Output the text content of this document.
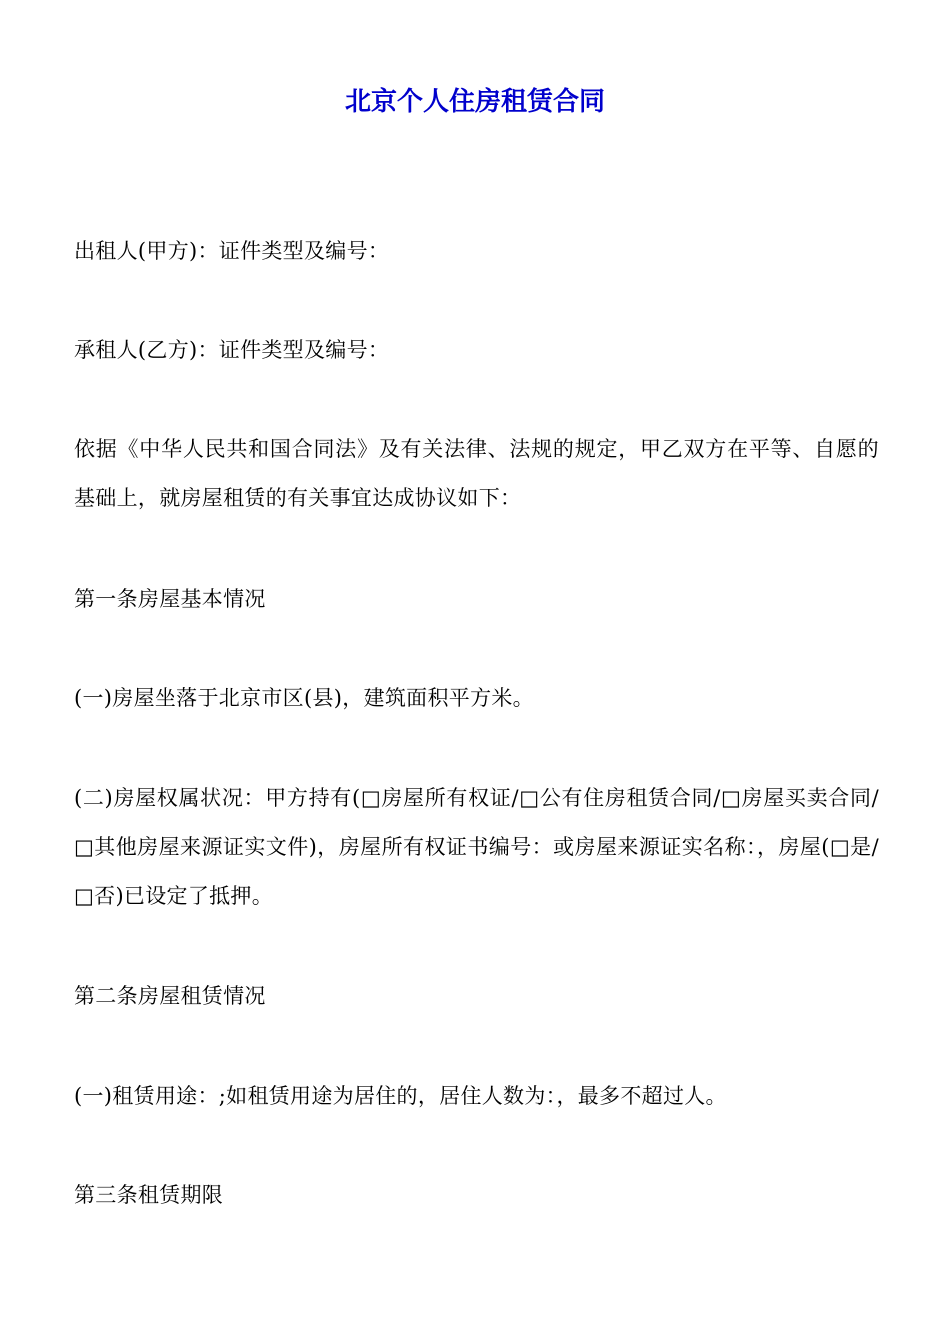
北京个人住房租赁合同

出租人(甲方)：证件类型及编号：

承租人(乙方)：证件类型及编号：

依据《中华人民共和国合同法》及有关法律、法规的规定，甲乙双方在平等、自愿的基础上，就房屋租赁的有关事宜达成协议如下：

第一条房屋基本情况

(一)房屋坐落于北京市区(县)，建筑面积平方米。

(二)房屋权属状况：甲方持有(□房屋所有权证/□公有住房租赁合同/□房屋买卖合同/□其他房屋来源证实文件)，房屋所有权证书编号：或房屋来源证实名称：，房屋(□是/□否)已设定了抵押。

第二条房屋租赁情况

(一)租赁用途：;如租赁用途为居住的，居住人数为：，最多不超过人。

第三条租赁期限
